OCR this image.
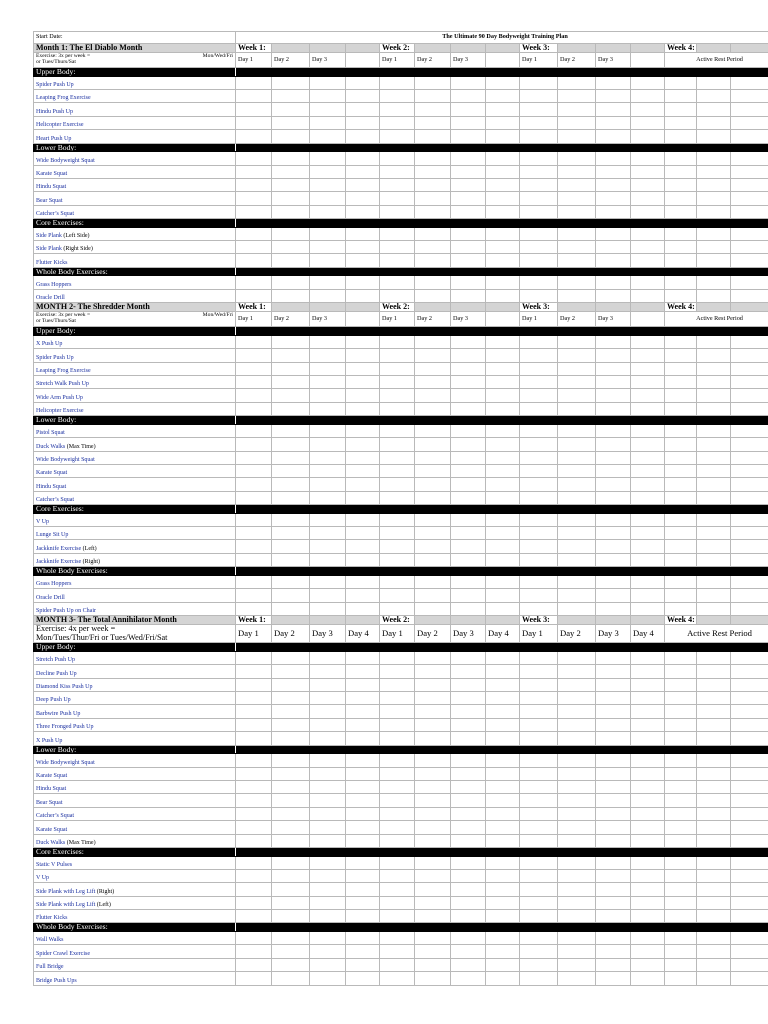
Start Date:	The Ultimate 90 Day Bodyweight Training Plan														
Month 1: The El Diablo Month	Week 1:				Week 2:				Week 3:				Week 4:		

Mon/Wed/Fri
Exercise: 3x per week =
or Tues/Thurs/Sat	Day 1	Day 2	Day 3		Day 1	Day 2	Day 3		Day 1	Day 2	Day 3		Active Rest Period		
Upper Body:															
Spider Push Up															
Leaping Frog Exercise															
Hindu Push Up															
Helicopter Exercise															
Heart Push Up															
Lower Body:															
Wide Bodyweight Squat															
Karate Squat															
Hindu Squat															
Bear Squat															
Catcher’s Squat															
Core Exercises:															
Side Plank (Left Side)															
Side Plank (Right Side)															
Flutter Kicks															
Whole Body Exercises:															
Grass Hoppers															
Oracle Drill															
MONTH 2- The Shredder Month	Week 1:				Week 2:				Week 3:				Week 4:		

Mon/Wed/Fri
Exercise: 3x per week =
or Tues/Thurs/Sat	Day 1	Day 2	Day 3		Day 1	Day 2	Day 3		Day 1	Day 2	Day 3		Active Rest Period		
Upper Body:															
X Push Up															
Spider Push Up															
Leaping Frog Exercise															
Stretch Walk Push Up															
Wide Arm Push Up															
Helicopter Exercise															
Lower Body:															
Pistol Squat															
Duck Walks (Max Time)															
Wide Bodyweight Squat															
Karate Squat															
Hindu Squat															
Catcher’s Squat															
Core Exercises:															
V Up															
Lunge Sit Up															
Jackknife Exercise (Left)															
Jackknife Exercise (Right)															
Whole Body Exercises:															
Grass Hoppers															
Oracle Drill															
Spider Push Up on Chair															
MONTH 3- The Total Annihilator Month	Week 1:				Week 2:				Week 3:				Week 4:		

Exercise: 4x per week =
Mon/Tues/Thur/Fri or Tues/Wed/Fri/Sat	Day 1	Day 2	Day 3	Day 4	Day 1	Day 2	Day 3	Day 4	Day 1	Day 2	Day 3	Day 4	Active Rest Period		
Upper Body:															
Stretch Push Up															
Decline Push Up															
Diamond Kiss Push Up															
Deep Push Up															
Barbwire Push Up															
Three Fronged Push Up															
X Push Up															
Lower Body:															
Wide Bodyweight Squat															
Karate Squat															
Hindu Squat															
Bear Squat															
Catcher’s Squat															
Karate Squat															
Duck Walks (Max Time)															
Core Exercises:															
Static V Pulses															
V Up															
Side Plank with Leg Lift (Right)															
Side Plank with Leg Lift (Left)															
Flutter Kicks															
Whole Body Exercises:															
Wall Walks															
Spider Crawl Exercise															
Full Bridge															
Bridge Push Ups															
